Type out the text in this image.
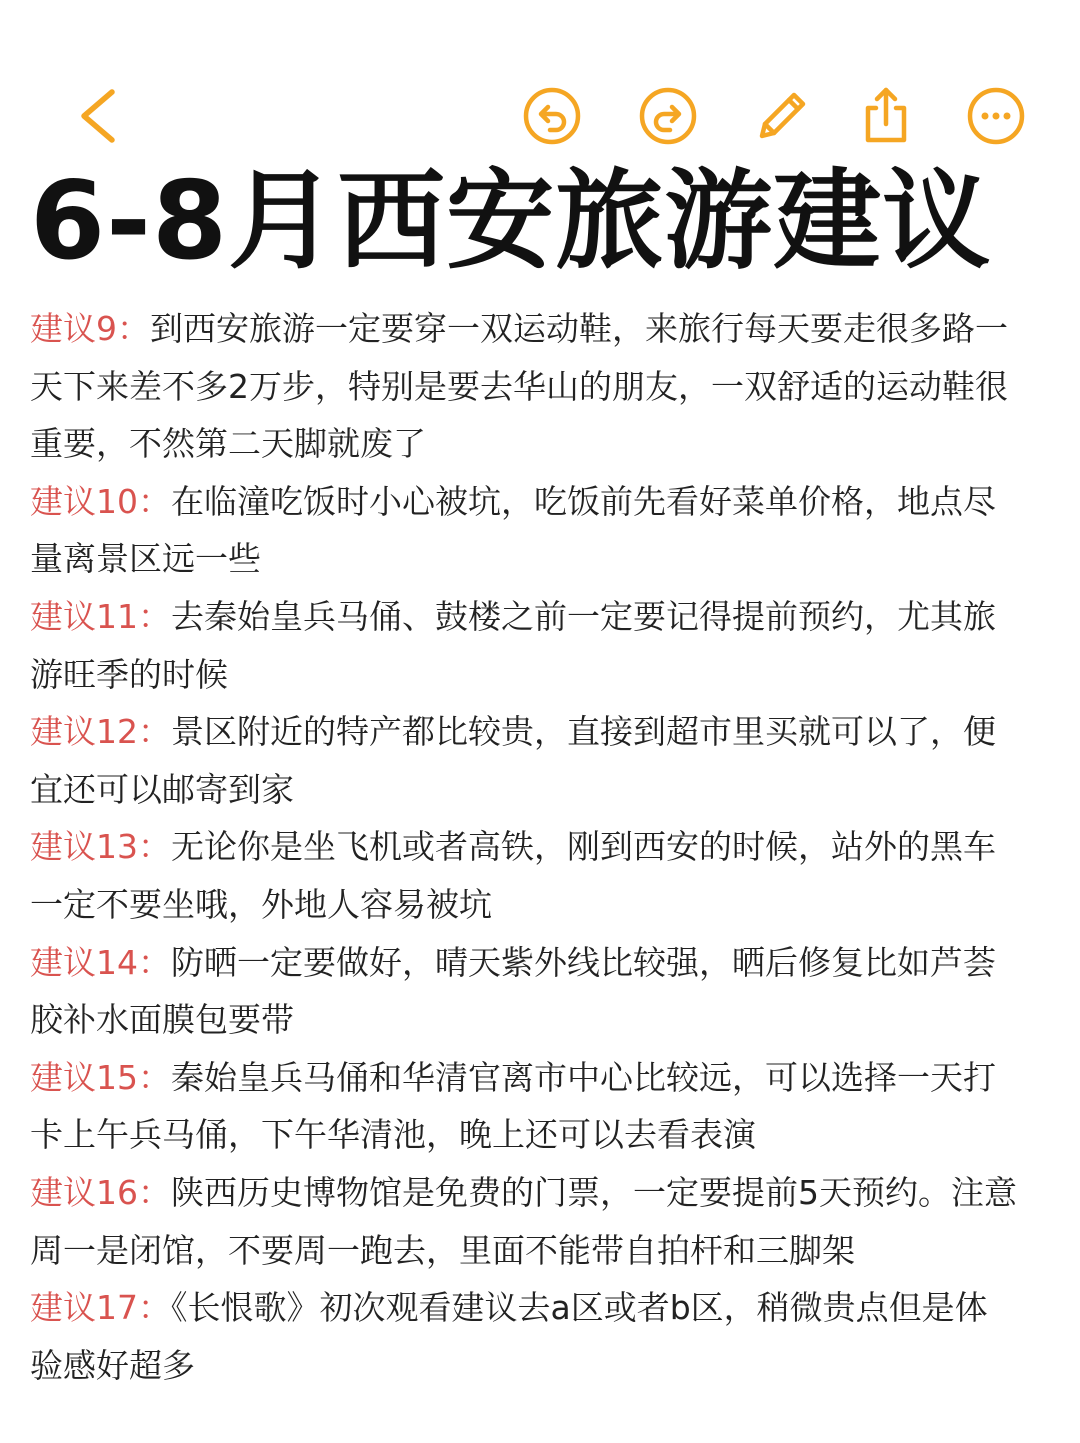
6-8月西安旅游建议

建议9：到西安旅游一定要穿一双运动鞋，来旅行每天要走很多路一天下来差不多2万步，特别是要去华山的朋友，一双舒适的运动鞋很重要，不然第二天脚就废了

建议10：在临潼吃饭时小心被坑，吃饭前先看好菜单价格，地点尽量离景区远一些

建议11：去秦始皇兵马俑、鼓楼之前一定要记得提前预约，尤其旅游旺季的时候

建议12：景区附近的特产都比较贵，直接到超市里买就可以了，便宜还可以邮寄到家

建议13：无论你是坐飞机或者高铁，刚到西安的时候，站外的黑车一定不要坐哦，外地人容易被坑

建议14：防晒一定要做好，晴天紫外线比较强，晒后修复比如芦荟胶补水面膜包要带

建议15：秦始皇兵马俑和华清官离市中心比较远，可以选择一天打卡上午兵马俑，下午华清池，晚上还可以去看表演

建议16：陕西历史博物馆是免费的门票，一定要提前5天预约。注意周一是闭馆，不要周一跑去，里面不能带自拍杆和三脚架

建议17：《长恨歌》初次观看建议去a区或者b区，稍微贵点但是体验感好超多
